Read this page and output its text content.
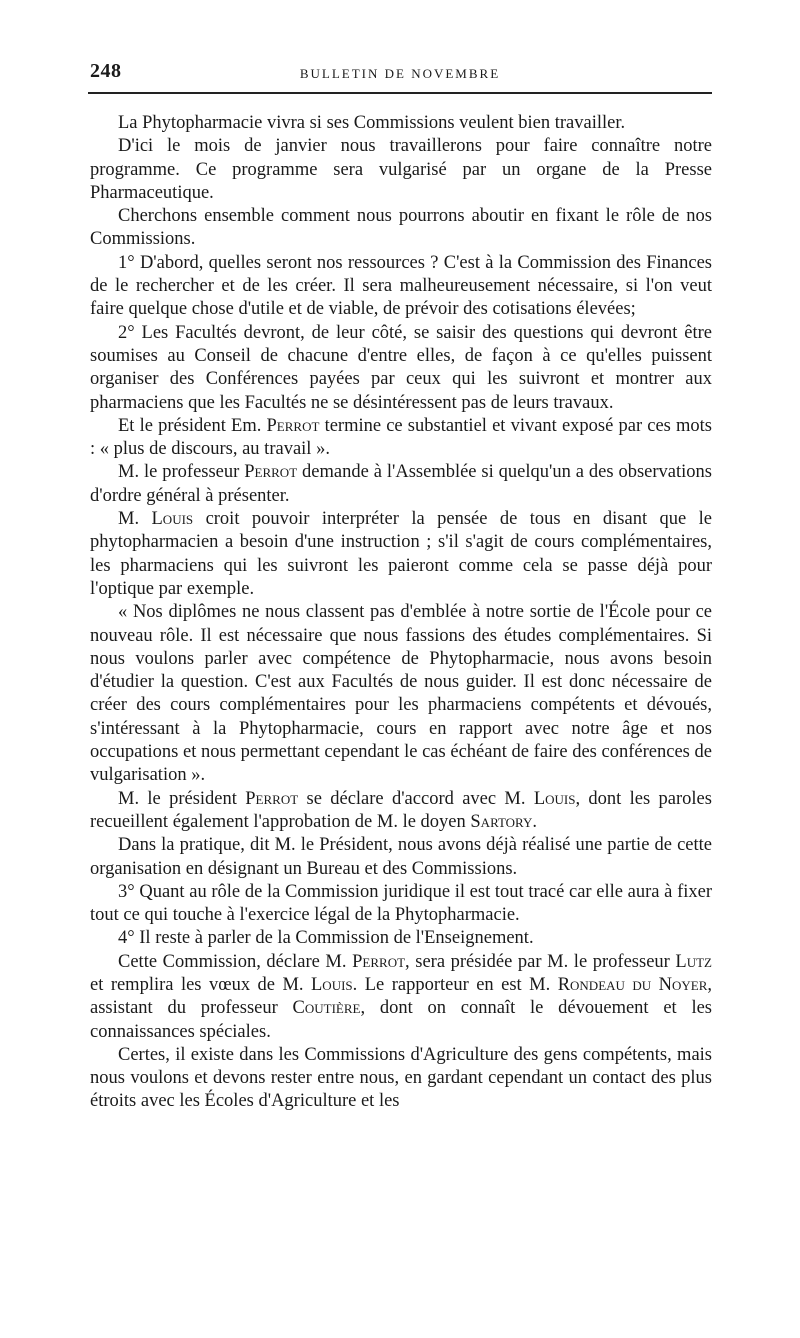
248	BULLETIN DE NOVEMBRE

La Phytopharmacie vivra si ses Commissions veulent bien travailler.

D'ici le mois de janvier nous travaillerons pour faire connaître notre programme. Ce programme sera vulgarisé par un organe de la Presse Pharmaceutique.

Cherchons ensemble comment nous pourrons aboutir en fixant le rôle de nos Commissions.

1° D'abord, quelles seront nos ressources ? C'est à la Commission des Finances de le rechercher et de les créer. Il sera malheureusement nécessaire, si l'on veut faire quelque chose d'utile et de viable, de prévoir des cotisations élevées;

2° Les Facultés devront, de leur côté, se saisir des questions qui devront être soumises au Conseil de chacune d'entre elles, de façon à ce qu'elles puissent organiser des Conférences payées par ceux qui les suivront et montrer aux pharmaciens que les Facultés ne se désintéressent pas de leurs travaux.

Et le président Em. Perrot termine ce substantiel et vivant exposé par ces mots : « plus de discours, au travail ».

M. le professeur Perrot demande à l'Assemblée si quelqu'un a des observations d'ordre général à présenter.

M. Louis croit pouvoir interpréter la pensée de tous en disant que le phytopharmacien a besoin d'une instruction ; s'il s'agit de cours complémentaires, les pharmaciens qui les suivront les paieront comme cela se passe déjà pour l'optique par exemple.

« Nos diplômes ne nous classent pas d'emblée à notre sortie de l'École pour ce nouveau rôle. Il est nécessaire que nous fassions des études complémentaires. Si nous voulons parler avec compétence de Phytopharmacie, nous avons besoin d'étudier la question. C'est aux Facultés de nous guider. Il est donc nécessaire de créer des cours complémentaires pour les pharmaciens compétents et dévoués, s'intéressant à la Phytopharmacie, cours en rapport avec notre âge et nos occupations et nous permettant cependant le cas échéant de faire des conférences de vulgarisation ».

M. le président Perrot se déclare d'accord avec M. Louis, dont les paroles recueillent également l'approbation de M. le doyen Sartory.

Dans la pratique, dit M. le Président, nous avons déjà réalisé une partie de cette organisation en désignant un Bureau et des Commissions.

3° Quant au rôle de la Commission juridique il est tout tracé car elle aura à fixer tout ce qui touche à l'exercice légal de la Phytopharmacie.

4° Il reste à parler de la Commission de l'Enseignement.

Cette Commission, déclare M. Perrot, sera présidée par M. le professeur Lutz et remplira les vœux de M. Louis. Le rapporteur en est M. Rondeau du Noyer, assistant du professeur Coutière, dont on connaît le dévouement et les connaissances spéciales.

Certes, il existe dans les Commissions d'Agriculture des gens compétents, mais nous voulons et devons rester entre nous, en gardant cependant un contact des plus étroits avec les Écoles d'Agriculture et les
